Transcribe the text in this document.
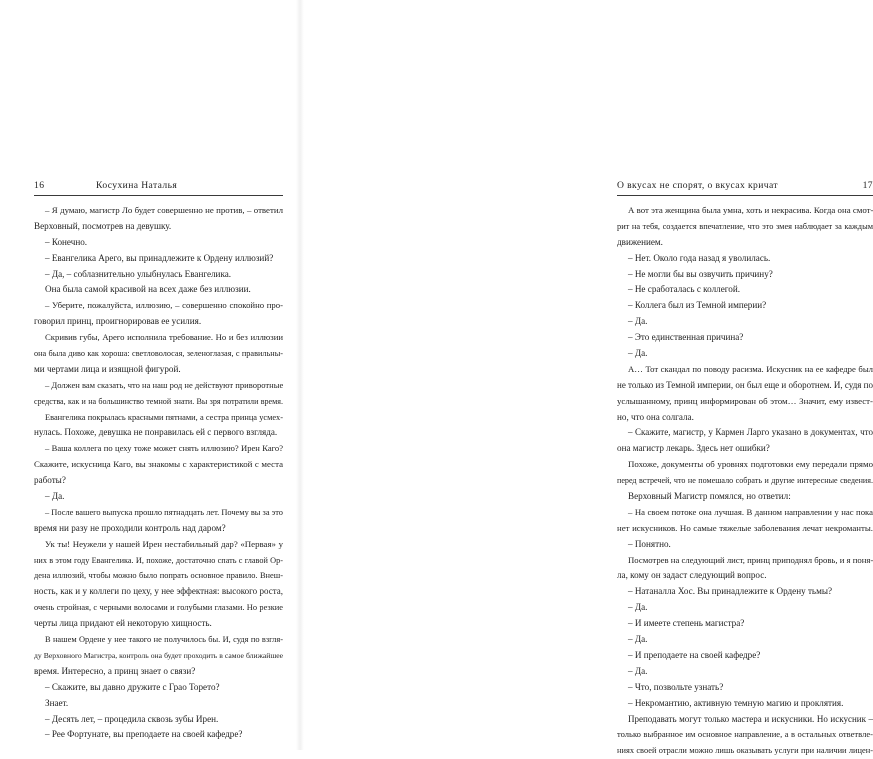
16	Косухина Наталья
– Я думаю, магистр Ло будет совершенно не против, – ответил
Верховный, посмотрев на девушку.
– Конечно.
– Евангелика Арего, вы принадлежите к Ордену иллюзий?
– Да, – соблазнительно улыбнулась Евангелика.
Она была самой красивой на всех даже без иллюзии.
– Уберите, пожалуйста, иллюзию, – совершенно спокойно про-
говорил принц, проигнорировав ее усилия.
Скривив губы, Арего исполнила требование. Но и без иллюзии
она была диво как хороша: светловолосая, зеленоглазая, с правильны-
ми чертами лица и изящной фигурой.
– Должен вам сказать, что на наш род не действуют приворотные
средства, как и на большинство темной знати. Вы зря потратили время.
Евангелика покрылась красными пятнами, а сестра принца усмех-
нулась. Похоже, девушка не понравилась ей с первого взгляда.
– Ваша коллега по цеху тоже может снять иллюзию? Ирен Каго?
Скажите, искусница Каго, вы знакомы с характеристикой с места
работы?
– Да.
– После вашего выпуска прошло пятнадцать лет. Почему вы за это
время ни разу не проходили контроль над даром?
Ук ты! Неужели у нашей Ирен нестабильный дар? «Первая» у
них в этом году Евангелика. И, похоже, достаточно спать с главой Ор-
дена иллюзий, чтобы можно было попрать основное правило. Внеш-
ность, как и у коллеги по цеху, у нее эффектная: высокого роста,
очень стройная, с черными волосами и голубыми глазами. Но резкие
черты лица придают ей некоторую хищность.
В нашем Ордене у нее такого не получилось бы. И, судя по взгля-
ду Верховного Магистра, контроль она будет проходить в самое ближайшее
время. Интересно, а принц знает о связи?
– Скажите, вы давно дружите с Грао Торето?
Знает.
– Десять лет, – процедила сквозь зубы Ирен.
– Рее Фортунате, вы преподаете на своей кафедре?
О вкусах не спорят, о вкусах кричат	17
А вот эта женщина была умна, хоть и некрасива. Когда она смот-
рит на тебя, создается впечатление, что это змея наблюдает за каждым
движением.
– Нет. Около года назад я уволилась.
– Не могли бы вы озвучить причину?
– Не сработалась с коллегой.
– Коллега был из Темной империи?
– Да.
– Это единственная причина?
– Да.
А… Тот скандал по поводу расизма. Искусник на ее кафедре был
не только из Темной империи, он был еще и оборотнем. И, судя по
услышанному, принц информирован об этом… Значит, ему извест-
но, что она солгала.
– Скажите, магистр, у Кармен Ларго указано в документах, что
она магистр лекарь. Здесь нет ошибки?
Похоже, документы об уровнях подготовки ему передали прямо
перед встречей, что не помешало собрать и другие интересные сведения.
Верховный Магистр помялся, но ответил:
– На своем потоке она лучшая. В данном направлении у нас пока
нет искусников. Но самые тяжелые заболевания лечат некроманты.
– Понятно.
Посмотрев на следующий лист, принц приподнял бровь, и я поня-
ла, кому он задаст следующий вопрос.
– Натаналла Хос. Вы принадлежите к Ордену тьмы?
– Да.
– И имеете степень магистра?
– Да.
– И преподаете на своей кафедре?
– Да.
– Что, позвольте узнать?
– Некромантию, активную темную магию и проклятия.
Преподавать могут только мастера и искусники. Но искусник –
только выбранное им основное направление, а в остальных ответвле-
ниях своей отрасли можно лишь оказывать услуги при наличии лицен-
